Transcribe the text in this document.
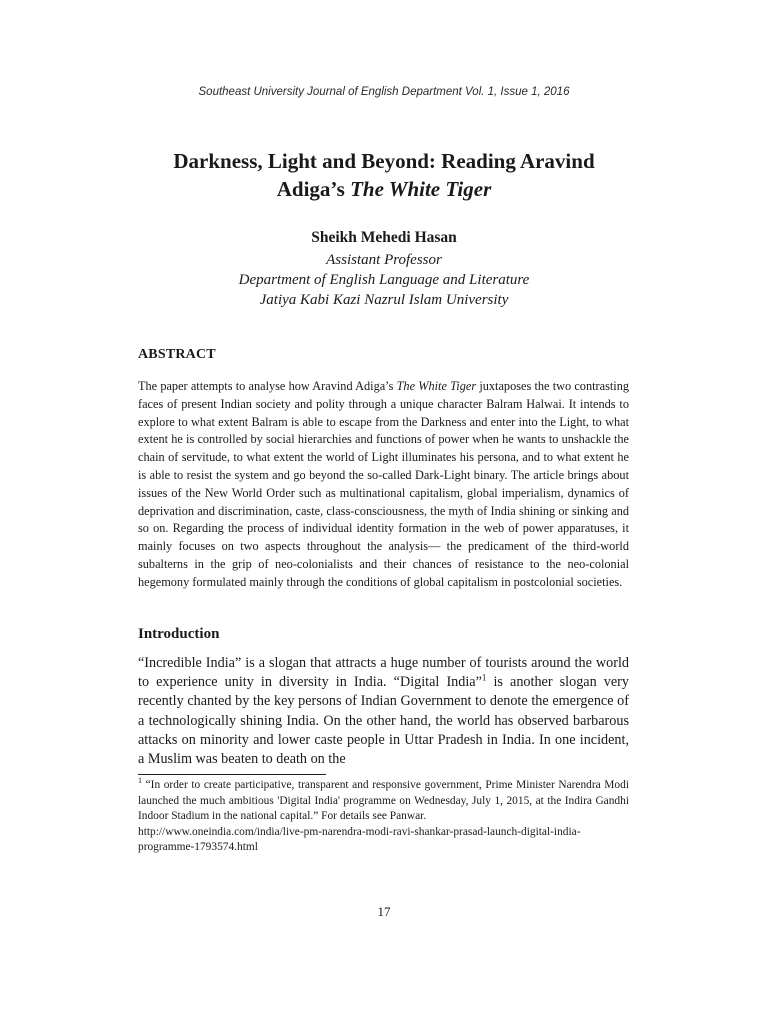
Southeast University Journal of English Department Vol. 1, Issue 1, 2016
Darkness, Light and Beyond: Reading Aravind
Adiga’s The White Tiger
Sheikh Mehedi Hasan
Assistant Professor
Department of English Language and Literature
Jatiya Kabi Kazi Nazrul Islam University
ABSTRACT
The paper attempts to analyse how Aravind Adiga’s The White Tiger juxtaposes the two contrasting faces of present Indian society and polity through a unique character Balram Halwai. It intends to explore to what extent Balram is able to escape from the Darkness and enter into the Light, to what extent he is controlled by social hierarchies and functions of power when he wants to unshackle the chain of servitude, to what extent the world of Light illuminates his persona, and to what extent he is able to resist the system and go beyond the so-called Dark-Light binary. The article brings about issues of the New World Order such as multinational capitalism, global imperialism, dynamics of deprivation and discrimination, caste, class-consciousness, the myth of India shining or sinking and so on. Regarding the process of individual identity formation in the web of power apparatuses, it mainly focuses on two aspects throughout the analysis— the predicament of the third-world subalterns in the grip of neo-colonialists and their chances of resistance to the neo-colonial hegemony formulated mainly through the conditions of global capitalism in postcolonial societies.
Introduction
“Incredible India” is a slogan that attracts a huge number of tourists around the world to experience unity in diversity in India. “Digital India”$^1$ is another slogan very recently chanted by the key persons of Indian Government to denote the emergence of a technologically shining India. On the other hand, the world has observed barbarous attacks on minority and lower caste people in Uttar Pradesh in India. In one incident, a Muslim was beaten to death on the
$^1$ “In order to create participative, transparent and responsive government, Prime Minister Narendra Modi launched the much ambitious 'Digital India' programme on Wednesday, July 1, 2015, at the Indira Gandhi Indoor Stadium in the national capital.” For details see Panwar.
http://www.oneindia.com/india/live-pm-narendra-modi-ravi-shankar-prasad-launch-digital-india-programme-1793574.html
17
